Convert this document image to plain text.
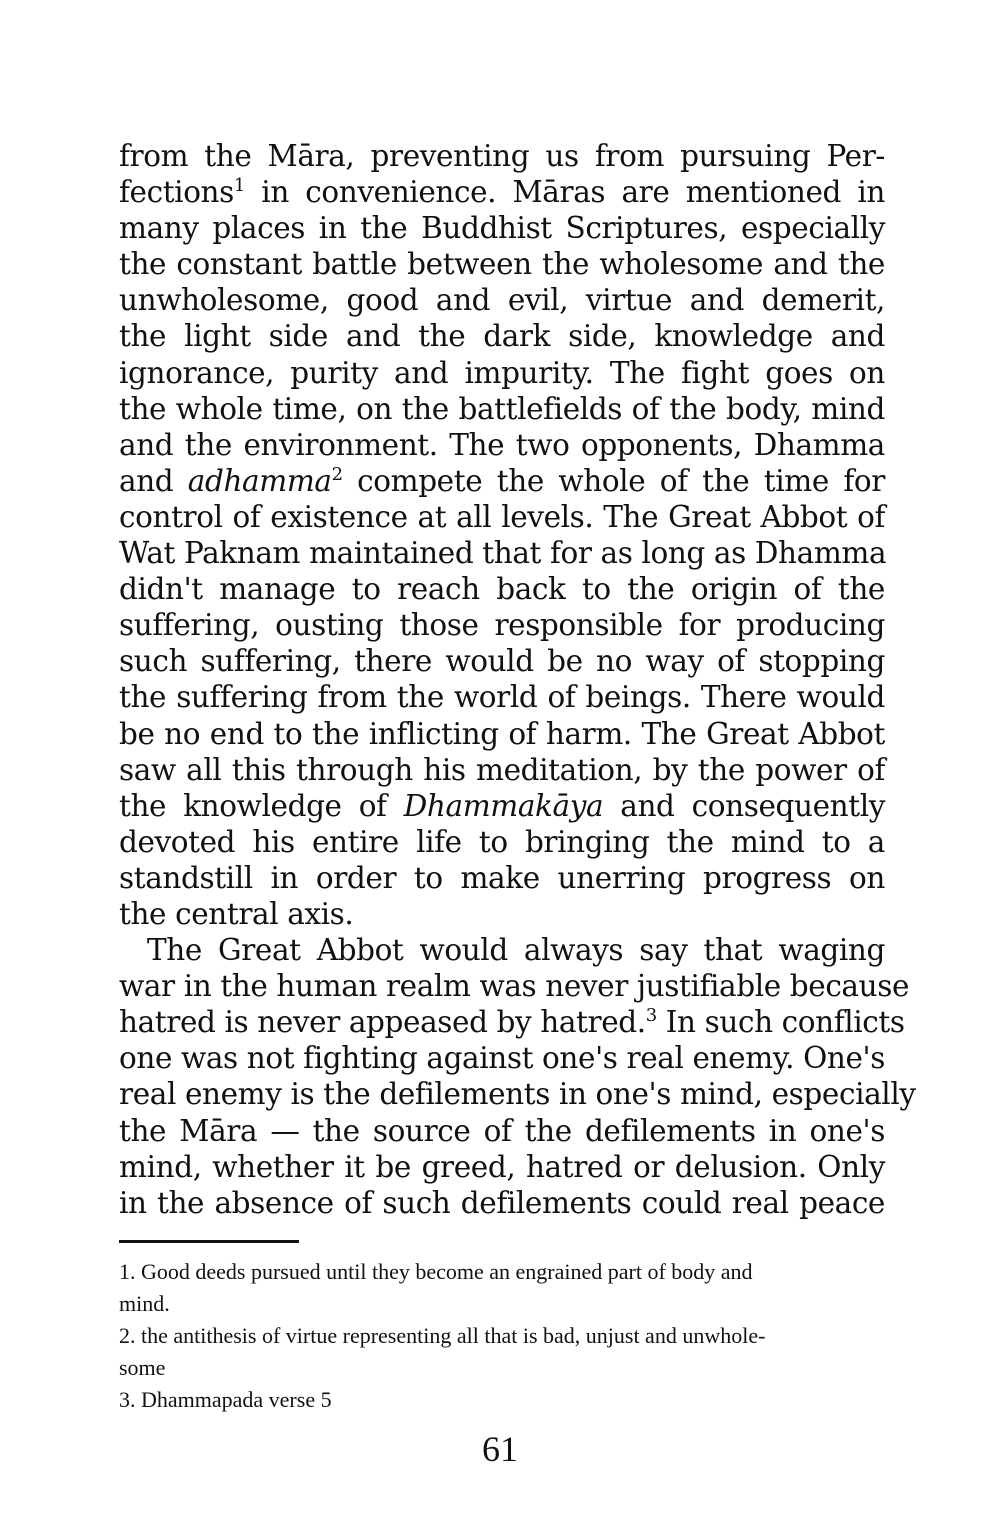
from the Māra, preventing us from pursuing Per-
fections$^1$ in convenience. Māras are mentioned in
many places in the Buddhist Scriptures, especially
the constant battle between the wholesome and the
unwholesome, good and evil, virtue and demerit,
the light side and the dark side, knowledge and
ignorance, purity and impurity. The fight goes on
the whole time, on the battlefields of the body, mind
and the environment. The two opponents, Dhamma
and adhamma$^2$ compete the whole of the time for
control of existence at all levels. The Great Abbot of
Wat Paknam maintained that for as long as Dhamma
didn't manage to reach back to the origin of the
suffering, ousting those responsible for producing
such suffering, there would be no way of stopping
the suffering from the world of beings. There would
be no end to the inflicting of harm. The Great Abbot
saw all this through his meditation, by the power of
the knowledge of Dhammakāya and consequently
devoted his entire life to bringing the mind to a
standstill in order to make unerring progress on
the central axis.
The Great Abbot would always say that waging
war in the human realm was never justifiable because
hatred is never appeased by hatred.$^3$ In such conflicts
one was not fighting against one's real enemy. One's
real enemy is the defilements in one's mind, especially
the Māra — the source of the defilements in one's
mind, whether it be greed, hatred or delusion. Only
in the absence of such defilements could real peace
1. Good deeds pursued until they become an engrained part of body and
mind.
2. the antithesis of virtue representing all that is bad, unjust and unwhole-
some
3. Dhammapada verse 5
61
